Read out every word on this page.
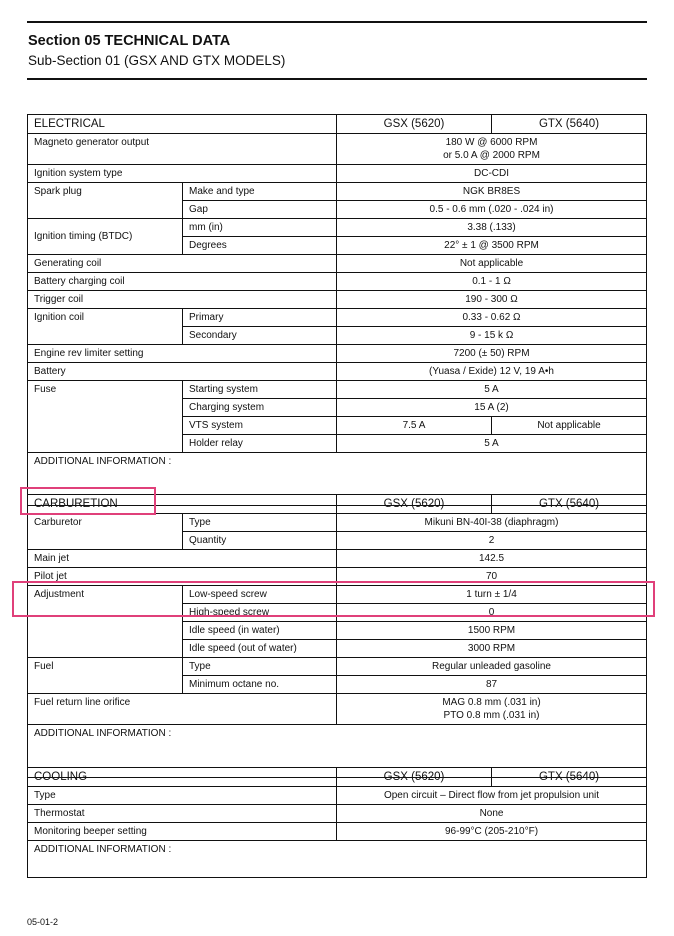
Section 05 TECHNICAL DATA
Sub-Section 01 (GSX AND GTX MODELS)
ELECTRICAL		GSX (5620)	GTX (5640)
Magneto generator output		180 W @ 6000 RPM
or 5.0 A @ 2000 RPM	
Ignition system type		DC-CDI	
Spark plug	Make and type	NGK BR8ES	
	Gap	0.5 - 0.6 mm (.020 - .024 in)	
Ignition timing (BTDC)	mm (in)	3.38 (.133)	
	Degrees	22° ± 1 @ 3500 RPM	
Generating coil		Not applicable	
Battery charging coil		0.1 - 1 Ω	
Trigger coil		190 - 300 Ω	
Ignition coil	Primary	0.33 - 0.62 Ω	
	Secondary	9 - 15 k Ω	
Engine rev limiter setting		7200 (± 50) RPM	
Battery		(Yuasa / Exide) 12 V, 19 A•h	
Fuse	Starting system	5 A	
	Charging system	15 A (2)	
	VTS system	7.5 A	Not applicable
	Holder relay	5 A	
ADDITIONAL INFORMATION :			
CARBURETION		GSX (5620)	GTX (5640)
Carburetor	Type	Mikuni BN-40I-38 (diaphragm)	
	Quantity	2	
Main jet		142.5	
Pilot jet		70	
Adjustment	Low-speed screw	1 turn ± 1/4	
	High-speed screw	0	
	Idle speed (in water)	1500 RPM	
	Idle speed (out of water)	3000 RPM	
Fuel	Type	Regular unleaded gasoline	
	Minimum octane no.	87	
Fuel return line orifice		MAG 0.8 mm (.031 in)
PTO 0.8 mm (.031 in)	
ADDITIONAL INFORMATION :			
COOLING	GSX (5620)	GTX (5640)
Type	Open circuit – Direct flow from jet propulsion unit	
Thermostat	None	
Monitoring beeper setting	96-99°C (205-210°F)	
ADDITIONAL INFORMATION :		
05-01-2
